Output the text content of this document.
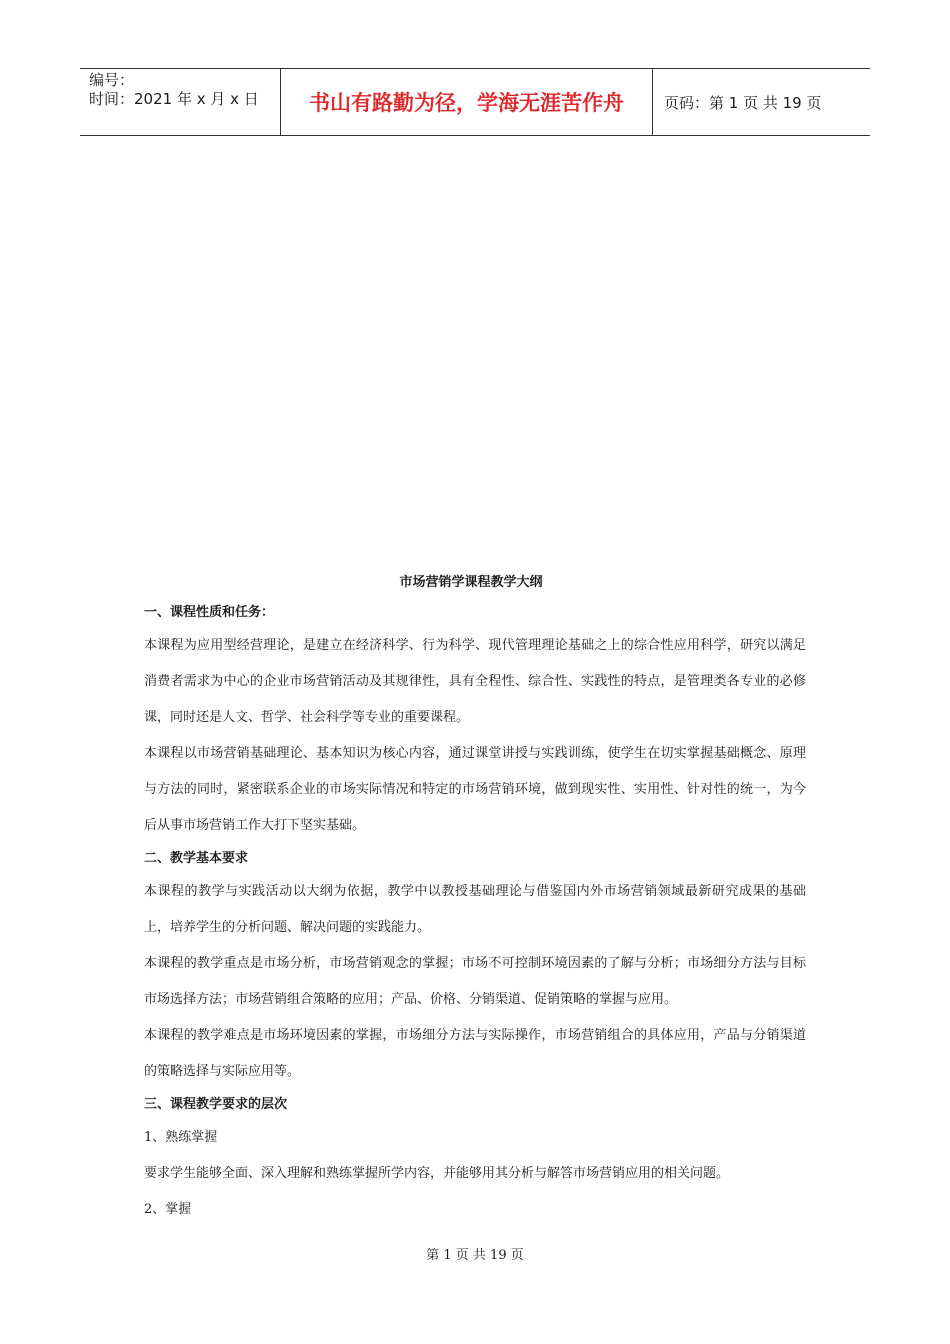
编号：
时间：2021 年 x 月 x 日	书山有路勤为径，学海无涯苦作舟	页码：第 1 页 共 19 页
市场营销学课程教学大纲
一、课程性质和任务：
本课程为应用型经营理论，是建立在经济科学、行为科学、现代管理理论基础之上的综合性应用科学，研究以满足消费者需求为中心的企业市场营销活动及其规律性，具有全程性、综合性、实践性的特点，是管理类各专业的必修课，同时还是人文、哲学、社会科学等专业的重要课程。
本课程以市场营销基础理论、基本知识为核心内容，通过课堂讲授与实践训练，使学生在切实掌握基础概念、原理与方法的同时，紧密联系企业的市场实际情况和特定的市场营销环境，做到现实性、实用性、针对性的统一，为今后从事市场营销工作大打下坚实基础。
二、教学基本要求
本课程的教学与实践活动以大纲为依据，教学中以教授基础理论与借鉴国内外市场营销领域最新研究成果的基础上，培养学生的分析问题、解决问题的实践能力。
本课程的教学重点是市场分析，市场营销观念的掌握；市场不可控制环境因素的了解与分析；市场细分方法与目标市场选择方法；市场营销组合策略的应用；产品、价格、分销渠道、促销策略的掌握与应用。
本课程的教学难点是市场环境因素的掌握，市场细分方法与实际操作，市场营销组合的具体应用，产品与分销渠道的策略选择与实际应用等。
三、课程教学要求的层次
1、熟练掌握
要求学生能够全面、深入理解和熟练掌握所学内容，并能够用其分析与解答市场营销应用的相关问题。
2、掌握
第 1 页 共 19 页
